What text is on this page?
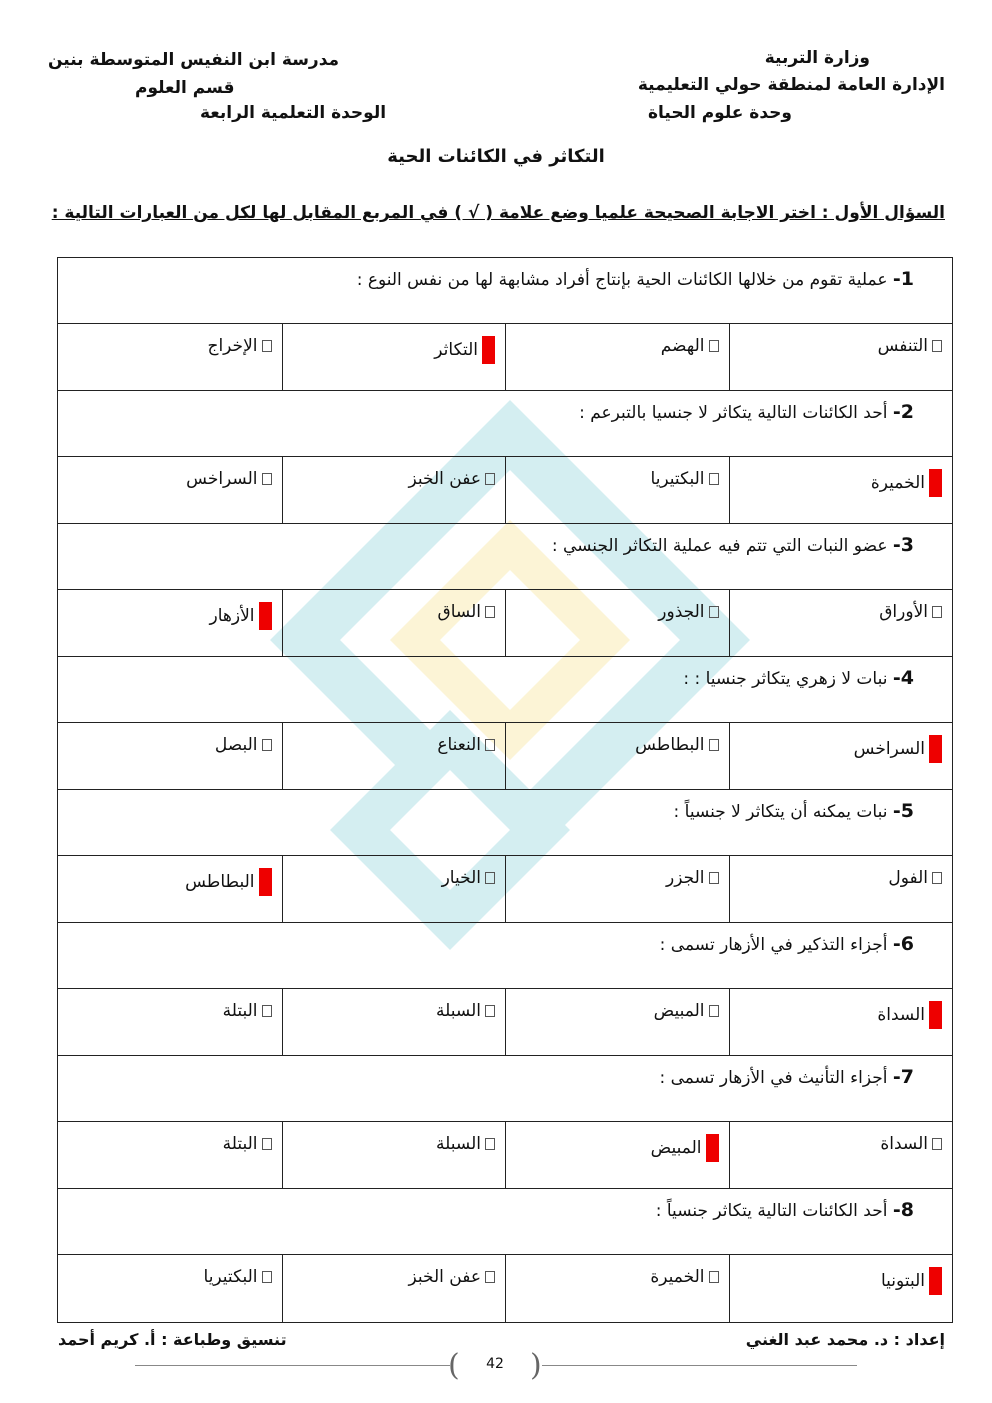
وزارة التربية
الإدارة العامة لمنطقة حولي التعليمية
وحدة علوم الحياة
مدرسة ابن النفيس المتوسطة بنين
قسم العلوم
الوحدة التعلمية الرابعة
التكاثر في الكائنات الحية
السؤال الأول : اختر الاجابة الصحيحة علميا وضع علامة ( √ ) في المربع المقابل لها لكل من العبارات التالية :
1- عملية تقوم من خلالها الكائنات الحية بإنتاج أفراد مشابهة لها من نفس النوع :
التنفس
الهضم
التكاثر
الإخراج
2- أحد الكائنات التالية يتكاثر لا جنسيا بالتبرعم :
الخميرة
البكتيريا
عفن الخبز
السراخس
3- عضو النبات التي تتم فيه عملية التكاثر الجنسي :
الأوراق
الجذور
الساق
الأزهار
4- نبات لا زهري يتكاثر جنسيا : :
السراخس
البطاطس
النعناع
البصل
5- نبات يمكنه أن يتكاثر لا جنسياً :
الفول
الجزر
الخيار
البطاطس
6- أجزاء التذكير في الأزهار تسمى :
السداة
المبيض
السبلة
البتلة
7- أجزاء التأنيث في الأزهار تسمى :
السداة
المبيض
السبلة
البتلة
8- أحد الكائنات التالية يتكاثر جنسياً :
البتونيا
الخميرة
عفن الخبز
البكتيريا
إعداد : د. محمد عبد الغني
تنسيق وطباعة : أ. كريم أحمد
( )
42
